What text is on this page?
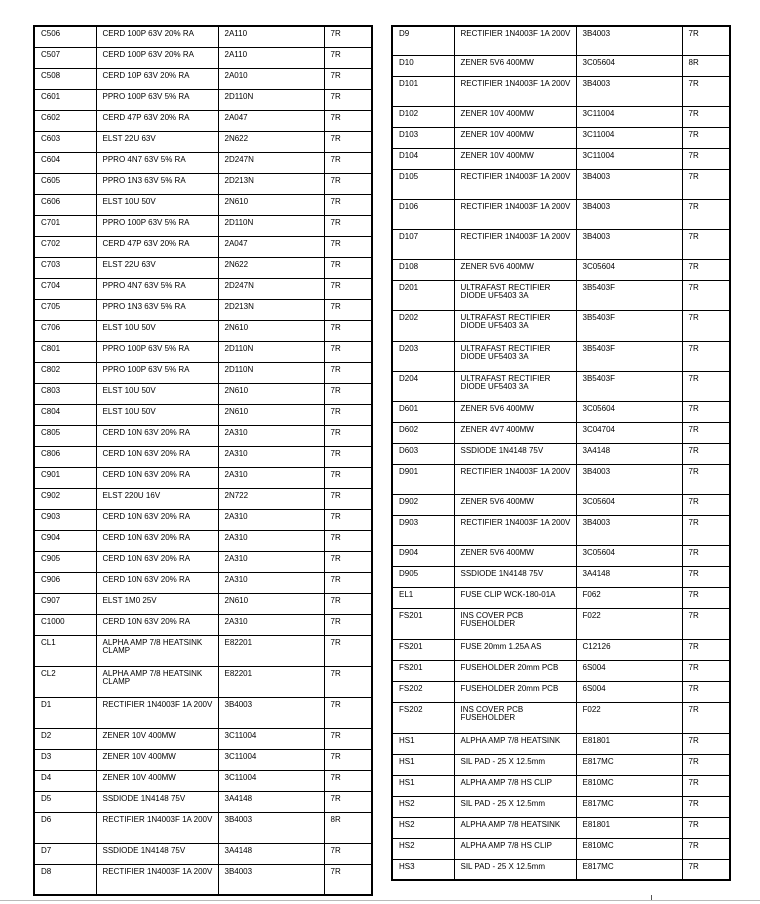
C506	CERD 100P 63V 20% RA	2A110	7R
C507	CERD 100P 63V 20% RA	2A110	7R
C508	CERD 10P 63V 20% RA	2A010	7R
C601	PPRO 100P 63V 5% RA	2D110N	7R
C602	CERD 47P 63V 20% RA	2A047	7R
C603	ELST 22U 63V	2N622	7R
C604	PPRO 4N7 63V 5% RA	2D247N	7R
C605	PPRO 1N3 63V 5% RA	2D213N	7R
C606	ELST 10U 50V	2N610	7R
C701	PPRO 100P 63V 5% RA	2D110N	7R
C702	CERD 47P 63V 20% RA	2A047	7R
C703	ELST 22U 63V	2N622	7R
C704	PPRO 4N7 63V 5% RA	2D247N	7R
C705	PPRO 1N3 63V 5% RA	2D213N	7R
C706	ELST 10U 50V	2N610	7R
C801	PPRO 100P 63V 5% RA	2D110N	7R
C802	PPRO 100P 63V 5% RA	2D110N	7R
C803	ELST 10U 50V	2N610	7R
C804	ELST 10U 50V	2N610	7R
C805	CERD 10N 63V 20% RA	2A310	7R
C806	CERD 10N 63V 20% RA	2A310	7R
C901	CERD 10N 63V 20% RA	2A310	7R
C902	ELST 220U 16V	2N722	7R
C903	CERD 10N 63V 20% RA	2A310	7R
C904	CERD 10N 63V 20% RA	2A310	7R
C905	CERD 10N 63V 20% RA	2A310	7R
C906	CERD 10N 63V 20% RA	2A310	7R
C907	ELST 1M0 25V	2N610	7R
C1000	CERD 10N 63V 20% RA	2A310	7R
CL1	ALPHA AMP 7/8 HEATSINK CLAMP	E82201	7R
CL2	ALPHA AMP 7/8 HEATSINK CLAMP	E82201	7R
D1	RECTIFIER 1N4003F 1A 200V	3B4003	7R
D2	ZENER 10V 400MW	3C11004	7R
D3	ZENER 10V 400MW	3C11004	7R
D4	ZENER 10V 400MW	3C11004	7R
D5	SSDIODE 1N4148 75V	3A4148	7R
D6	RECTIFIER 1N4003F 1A 200V	3B4003	8R
D7	SSDIODE 1N4148 75V	3A4148	7R
D8	RECTIFIER 1N4003F 1A 200V	3B4003	7R
D9	RECTIFIER 1N4003F 1A 200V	3B4003	7R
D10	ZENER 5V6 400MW	3C05604	8R
D101	RECTIFIER 1N4003F 1A 200V	3B4003	7R
D102	ZENER 10V 400MW	3C11004	7R
D103	ZENER 10V 400MW	3C11004	7R
D104	ZENER 10V 400MW	3C11004	7R
D105	RECTIFIER 1N4003F 1A 200V	3B4003	7R
D106	RECTIFIER 1N4003F 1A 200V	3B4003	7R
D107	RECTIFIER 1N4003F 1A 200V	3B4003	7R
D108	ZENER 5V6 400MW	3C05604	7R
D201	ULTRAFAST RECTIFIER DIODE UF5403 3A	3B5403F	7R
D202	ULTRAFAST RECTIFIER DIODE UF5403 3A	3B5403F	7R
D203	ULTRAFAST RECTIFIER DIODE UF5403 3A	3B5403F	7R
D204	ULTRAFAST RECTIFIER DIODE UF5403 3A	3B5403F	7R
D601	ZENER 5V6 400MW	3C05604	7R
D602	ZENER 4V7 400MW	3C04704	7R
D603	SSDIODE 1N4148 75V	3A4148	7R
D901	RECTIFIER 1N4003F 1A 200V	3B4003	7R
D902	ZENER 5V6 400MW	3C05604	7R
D903	RECTIFIER 1N4003F 1A 200V	3B4003	7R
D904	ZENER 5V6 400MW	3C05604	7R
D905	SSDIODE 1N4148 75V	3A4148	7R
EL1	FUSE CLIP WCK-180-01A	F062	7R
FS201	INS COVER PCB FUSEHOLDER	F022	7R
FS201	FUSE 20mm 1.25A AS	C12126	7R
FS201	FUSEHOLDER 20mm PCB	6S004	7R
FS202	FUSEHOLDER 20mm PCB	6S004	7R
FS202	INS COVER PCB FUSEHOLDER	F022	7R
HS1	ALPHA AMP 7/8 HEATSINK	E81801	7R
HS1	SIL PAD - 25 X 12.5mm	E817MC	7R
HS1	ALPHA AMP 7/8 HS CLIP	E810MC	7R
HS2	SIL PAD - 25 X 12.5mm	E817MC	7R
HS2	ALPHA AMP 7/8 HEATSINK	E81801	7R
HS2	ALPHA AMP 7/8 HS CLIP	E810MC	7R
HS3	SIL PAD - 25 X 12.5mm	E817MC	7R
